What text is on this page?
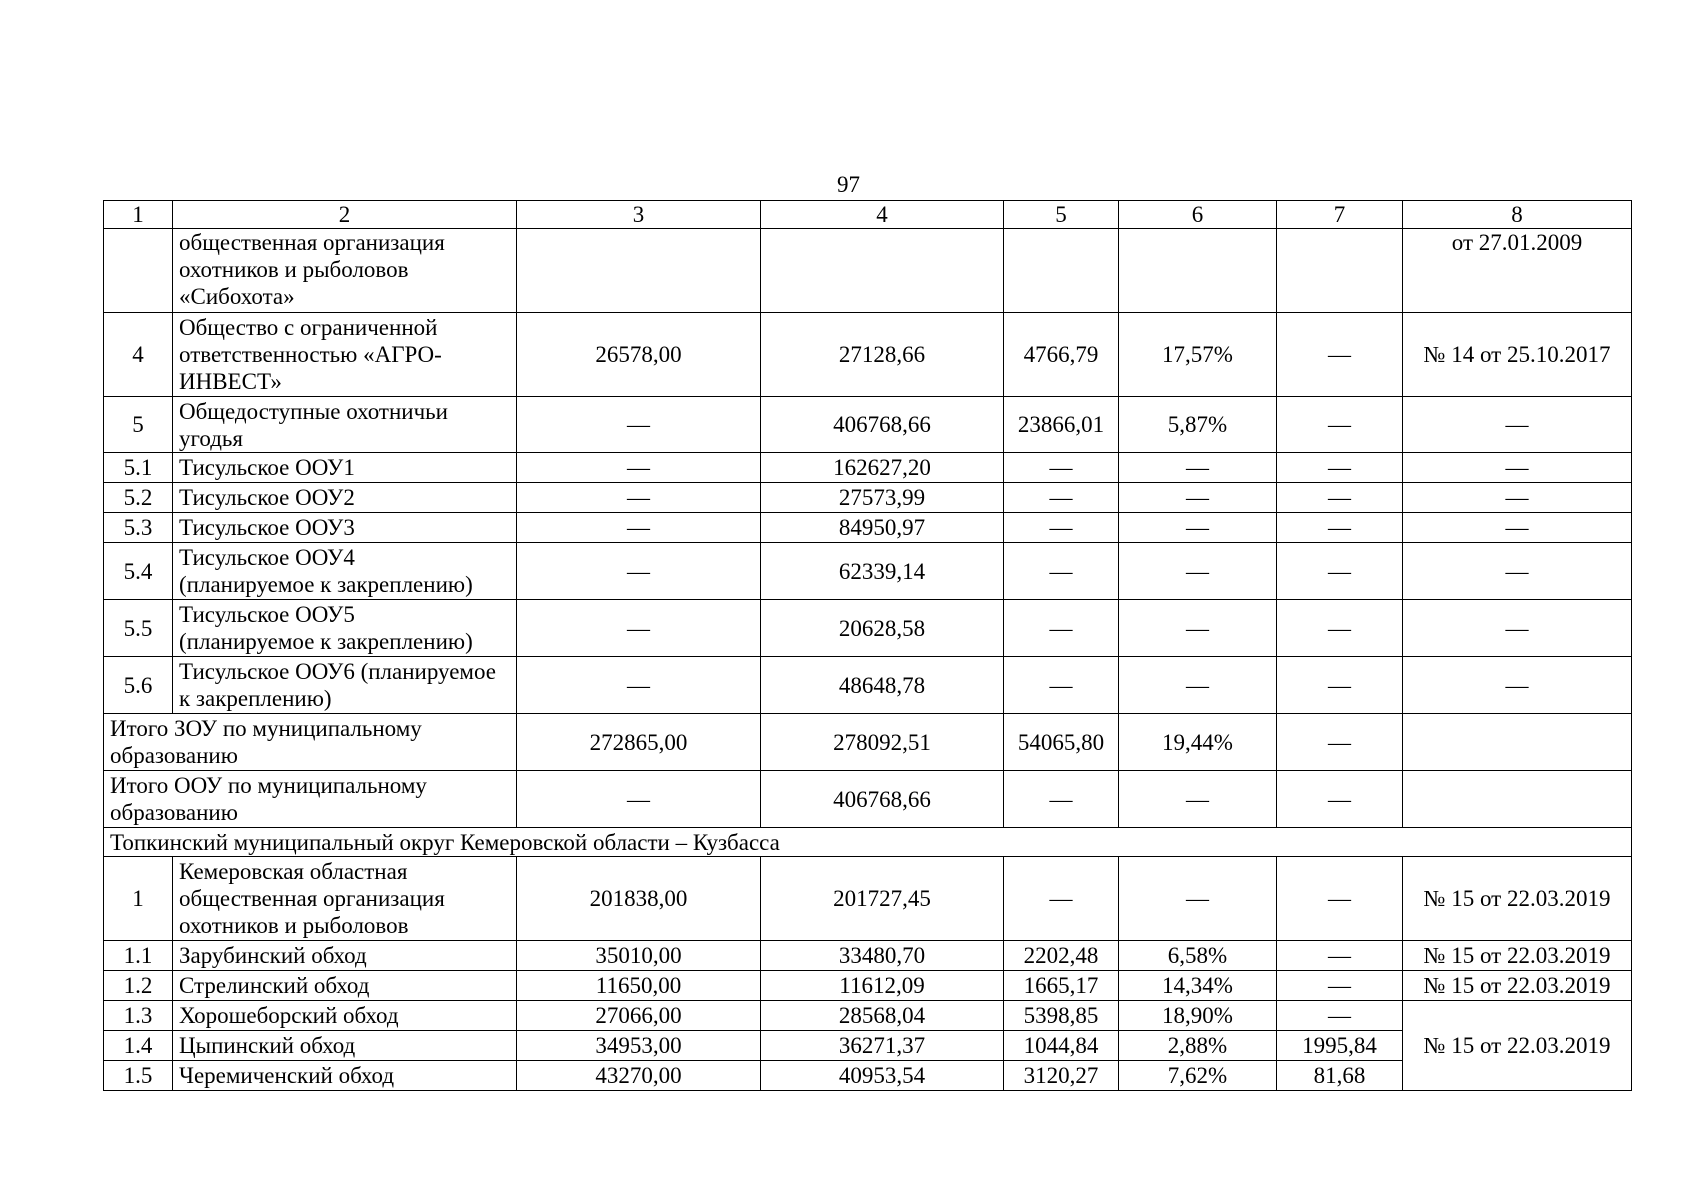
97
1	2	3	4	5	6	7	8
	общественная организация
охотников и рыболовов
«Сибохота»						от 27.01.2009
4	Общество с ограниченной
ответственностью «АГРО-
ИНВЕСТ»	26578,00	27128,66	4766,79	17,57%	—	№ 14 от 25.10.2017
5	Общедоступные охотничьи
угодья	—	406768,66	23866,01	5,87%	—	—
5.1	Тисульское ООУ1	—	162627,20	—	—	—	—
5.2	Тисульское ООУ2	—	27573,99	—	—	—	—
5.3	Тисульское ООУ3	—	84950,97	—	—	—	—
5.4	Тисульское ООУ4
(планируемое к закреплению)	—	62339,14	—	—	—	—
5.5	Тисульское ООУ5
(планируемое к закреплению)	—	20628,58	—	—	—	—
5.6	Тисульское ООУ6 (планируемое
к закреплению)	—	48648,78	—	—	—	—
Итого ЗОУ по муниципальному
образованию		272865,00	278092,51	54065,80	19,44%	—	
Итого ООУ по муниципальному
образованию		—	406768,66	—	—	—	
Топкинский муниципальный округ Кемеровской области – Кузбасса							
1	Кемеровская областная
общественная организация
охотников и рыболовов	201838,00	201727,45	—	—	—	№ 15 от 22.03.2019
1.1	Зарубинский обход	35010,00	33480,70	2202,48	6,58%	—	№ 15 от 22.03.2019
1.2	Стрелинский обход	11650,00	11612,09	1665,17	14,34%	—	№ 15 от 22.03.2019
1.3	Хорошеборский обход	27066,00	28568,04	5398,85	18,90%	—	№ 15 от 22.03.2019
1.4	Цыпинский обход	34953,00	36271,37	1044,84	2,88%	1995,84	
1.5	Черемиченский обход	43270,00	40953,54	3120,27	7,62%	81,68	
